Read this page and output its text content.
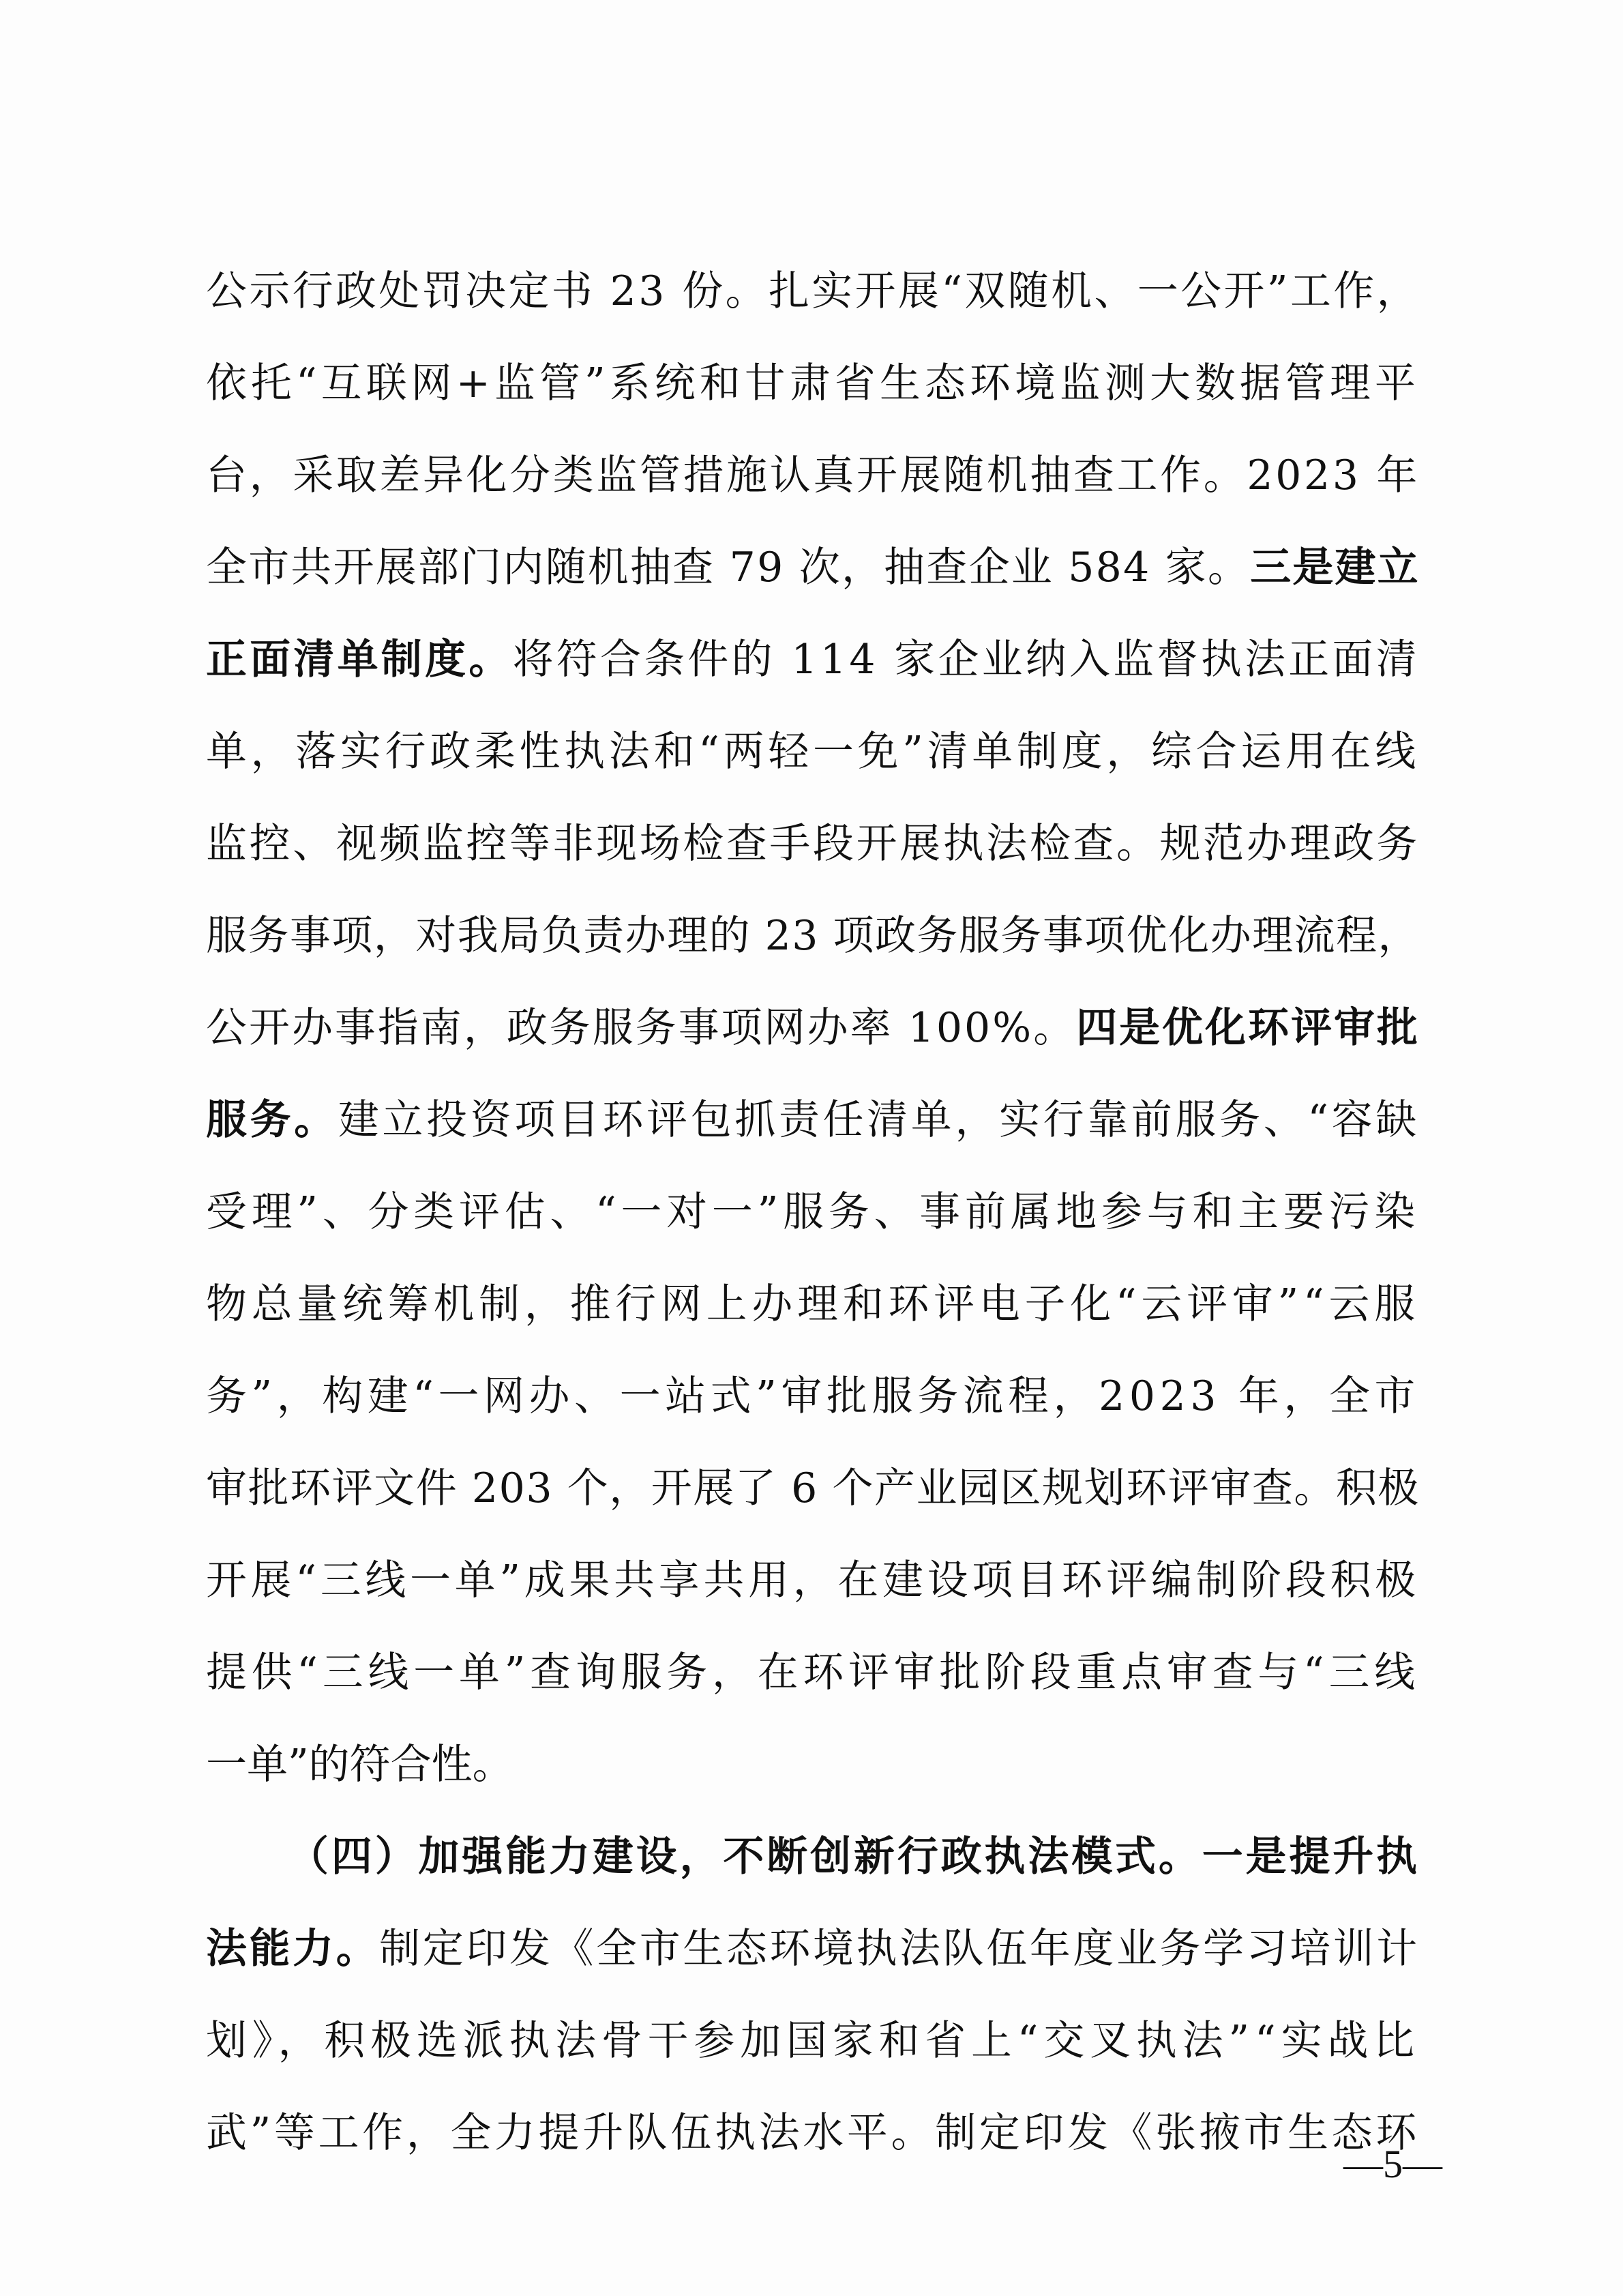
公示行政处罚决定书 23 份。扎实开展“双随机、一公开”工作，
依托“互联网+监管”系统和甘肃省生态环境监测大数据管理平
台，采取差异化分类监管措施认真开展随机抽查工作。2023 年
全市共开展部门内随机抽查 79 次，抽查企业 584 家。三是建立
正面清单制度。将符合条件的 114 家企业纳入监督执法正面清
单，落实行政柔性执法和“两轻一免”清单制度，综合运用在线
监控、视频监控等非现场检查手段开展执法检查。规范办理政务
服务事项，对我局负责办理的 23 项政务服务事项优化办理流程，
公开办事指南，政务服务事项网办率 100%。四是优化环评审批
服务。建立投资项目环评包抓责任清单，实行靠前服务、“容缺
受理”、分类评估、“一对一”服务、事前属地参与和主要污染
物总量统筹机制，推行网上办理和环评电子化“云评审”“云服
务”，构建“一网办、一站式”审批服务流程，2023 年，全市
审批环评文件 203 个，开展了 6 个产业园区规划环评审查。积极
开展“三线一单”成果共享共用，在建设项目环评编制阶段积极
提供“三线一单”查询服务，在环评审批阶段重点审查与“三线
一单”的符合性。
（四）加强能力建设，不断创新行政执法模式。一是提升执
法能力。制定印发《全市生态环境执法队伍年度业务学习培训计
划》，积极选派执法骨干参加国家和省上“交叉执法”“实战比
武”等工作，全力提升队伍执法水平。制定印发《张掖市生态环
—5—
